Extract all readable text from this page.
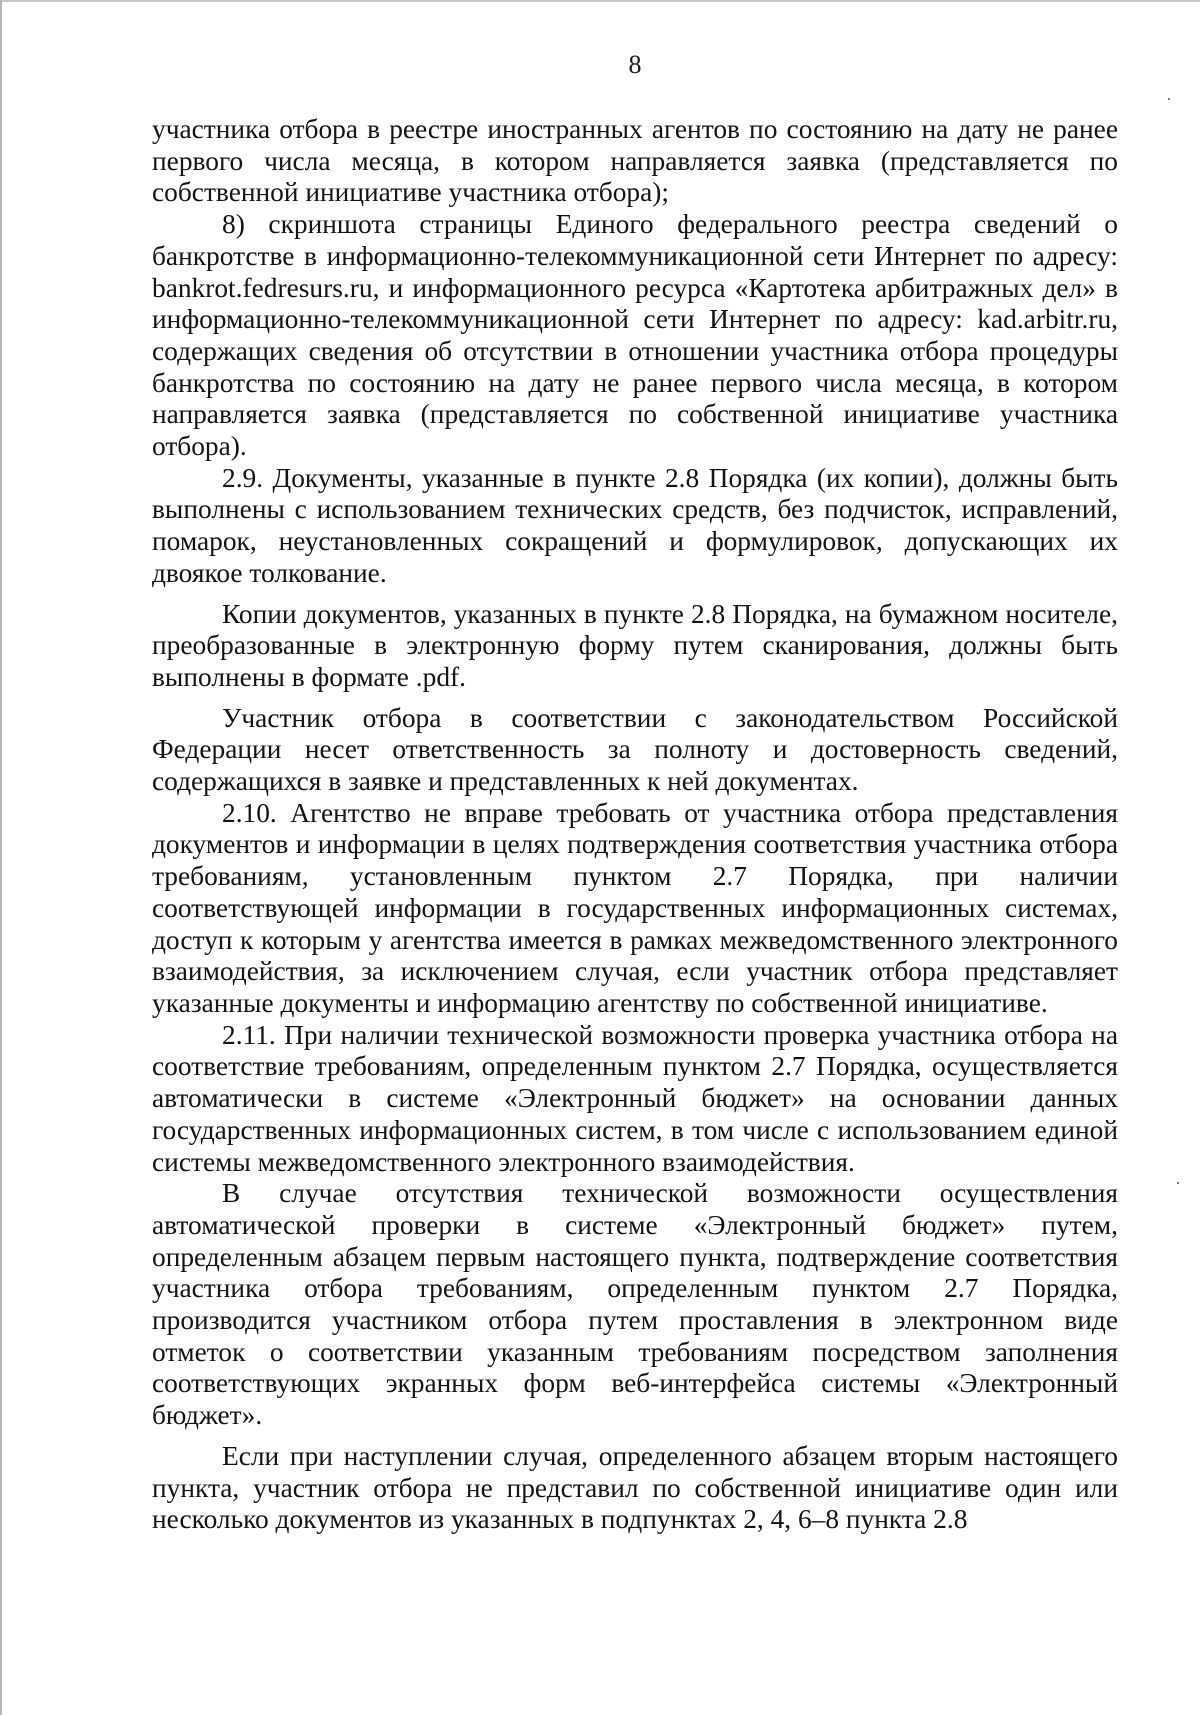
8

участника отбора в реестре иностранных агентов по состоянию на дату не ранее первого числа месяца, в котором направляется заявка (представляется по собственной инициативе участника отбора);

8) скриншота страницы Единого федерального реестра сведений о банкротстве в информационно-телекоммуникационной сети Интернет по адресу: bankrot.fedresurs.ru, и информационного ресурса «Картотека арбитражных дел» в информационно-телекоммуникационной сети Интернет по адресу: kad.arbitr.ru, содержащих сведения об отсутствии в отношении участника отбора процедуры банкротства по состоянию на дату не ранее первого числа месяца, в котором направляется заявка (представляется по собственной инициативе участника отбора).

2.9. Документы, указанные в пункте 2.8 Порядка (их копии), должны быть выполнены с использованием технических средств, без подчисток, исправлений, помарок, неустановленных сокращений и формулировок, допускающих их двоякое толкование.

Копии документов, указанных в пункте 2.8 Порядка, на бумажном носителе, преобразованные в электронную форму путем сканирования, должны быть выполнены в формате .pdf.

Участник отбора в соответствии с законодательством Российской Федерации несет ответственность за полноту и достоверность сведений, содержащихся в заявке и представленных к ней документах.

2.10. Агентство не вправе требовать от участника отбора представления документов и информации в целях подтверждения соответствия участника отбора требованиям, установленным пунктом 2.7 Порядка, при наличии соответствующей информации в государственных информационных системах, доступ к которым у агентства имеется в рамках межведомственного электронного взаимодействия, за исключением случая, если участник отбора представляет указанные документы и информацию агентству по собственной инициативе.

2.11. При наличии технической возможности проверка участника отбора на соответствие требованиям, определенным пунктом 2.7 Порядка, осуществляется автоматически в системе «Электронный бюджет» на основании данных государственных информационных систем, в том числе с использованием единой системы межведомственного электронного взаимодействия.

В случае отсутствия технической возможности осуществления автоматической проверки в системе «Электронный бюджет» путем, определенным абзацем первым настоящего пункта, подтверждение соответствия участника отбора требованиям, определенным пунктом 2.7 Порядка, производится участником отбора путем проставления в электронном виде отметок о соответствии указанным требованиям посредством заполнения соответствующих экранных форм веб-интерфейса системы «Электронный бюджет».

Если при наступлении случая, определенного абзацем вторым настоящего пункта, участник отбора не представил по собственной инициативе один или несколько документов из указанных в подпунктах 2, 4, 6–8 пункта 2.8
